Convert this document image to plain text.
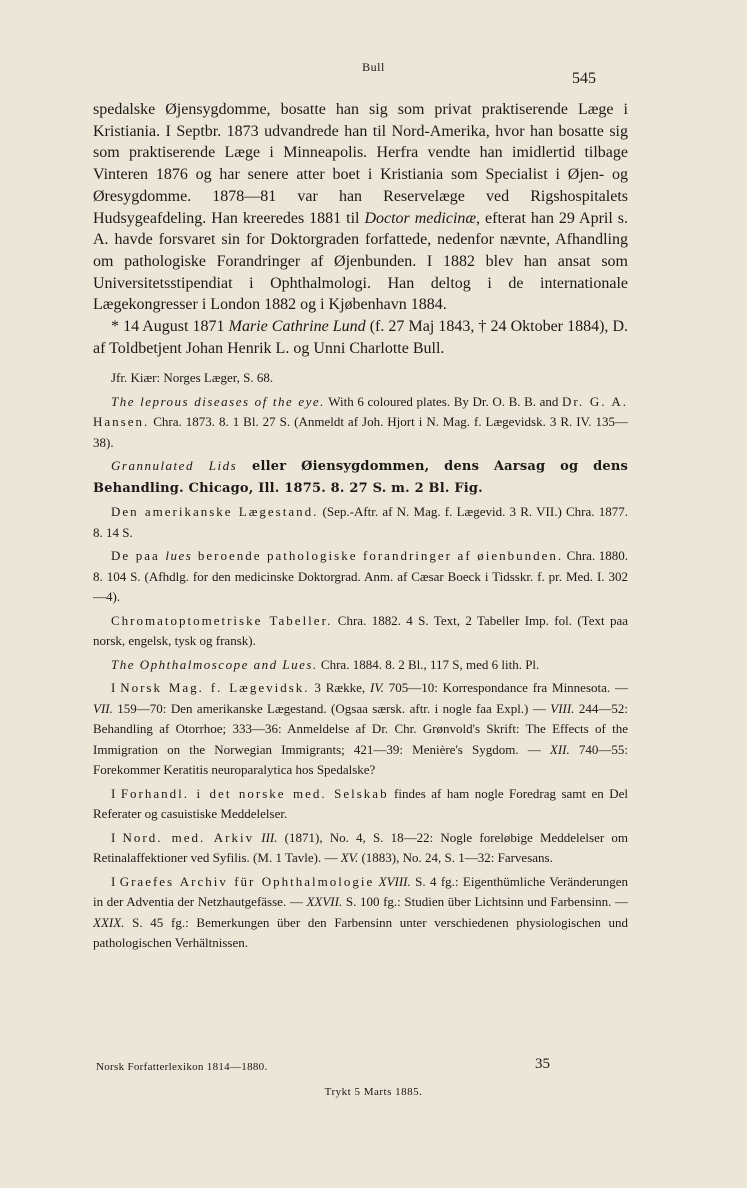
Bull
545

spedalske Øjensygdomme, bosatte han sig som privat praktiserende Læge i Kristiania. I Septbr. 1873 udvandrede han til Nord-Amerika, hvor han bosatte sig som praktiserende Læge i Minneapolis. Herfra vendte han imidlertid tilbage Vinteren 1876 og har senere atter boet i Kristiania som Specialist i Øjen- og Øresygdomme. 1878—81 var han Reservelæge ved Rigshospitalets Hudsygeafdeling. Han kreeredes 1881 til Doctor medicinæ, efterat han 29 April s. A. havde forsvaret sin for Doktorgraden forfattede, nedenfor nævnte, Afhandling om pathologiske Forandringer af Øjenbunden. I 1882 blev han ansat som Universitetsstipendiat i Ophthalmologi. Han deltog i de internationale Lægekongresser i London 1882 og i Kjøbenhavn 1884.

* 14 August 1871 Marie Cathrine Lund (f. 27 Maj 1843, † 24 Oktober 1884), D. af Toldbetjent Johan Henrik L. og Unni Charlotte Bull.

Jfr. Kiær: Norges Læger, S. 68.

The leprous diseases of the eye. With 6 coloured plates. By Dr. O. B. B. and Dr. G. A. Hansen. Chra. 1873. 8. 1 Bl. 27 S. (Anmeldt af Joh. Hjort i N. Mag. f. Lægevidsk. 3 R. IV. 135—38).

Grannulated Lids eller Øiensygdommen, dens Aarsag og dens Behandling. Chicago, Ill. 1875. 8. 27 S. m. 2 Bl. Fig.

Den amerikanske Lægestand. (Sep.-Aftr. af N. Mag. f. Lægevid. 3 R. VII.) Chra. 1877. 8. 14 S.

De paa lues beroende pathologiske forandringer af øienbunden. Chra. 1880. 8. 104 S. (Afhdlg. for den medicinske Doktorgrad. Anm. af Cæsar Boeck i Tidsskr. f. pr. Med. I. 302—4).

Chromatoptometriske Tabeller. Chra. 1882. 4 S. Text, 2 Tabeller Imp. fol. (Text paa norsk, engelsk, tysk og fransk).

The Ophthalmoscope and Lues. Chra. 1884. 8. 2 Bl., 117 S, med 6 lith. Pl.

I Norsk Mag. f. Lægevidsk. 3 Række, IV. 705—10: Korrespondance fra Minnesota. — VII. 159—70: Den amerikanske Lægestand. (Ogsaa særsk. aftr. i nogle faa Expl.) — VIII. 244—52: Behandling af Otorrhoe; 333—36: Anmeldelse af Dr. Chr. Grønvold's Skrift: The Effects of the Immigration on the Norwegian Immigrants; 421—39: Menière's Sygdom. — XII. 740—55: Forekommer Keratitis neuroparalytica hos Spedalske?

I Forhandl. i det norske med. Selskab findes af ham nogle Foredrag samt en Del Referater og casuistiske Meddelelser.

I Nord. med. Arkiv III. (1871), No. 4, S. 18—22: Nogle foreløbige Meddelelser om Retinalaffektioner ved Syfilis. (M. 1 Tavle). — XV. (1883), No. 24, S. 1—32: Farvesans.

I Graefes Archiv für Ophthalmologie XVIII. S. 4 fg.: Eigenthümliche Veränderungen in der Adventia der Netzhautgefässe. — XXVII. S. 100 fg.: Studien über Lichtsinn und Farbensinn. — XXIX. S. 45 fg.: Bemerkungen über den Farbensinn unter verschiedenen physiologischen und pathologischen Verhältnissen.

Norsk Forfatterlexikon 1814—1880.	35
Trykt 5 Marts 1885.
